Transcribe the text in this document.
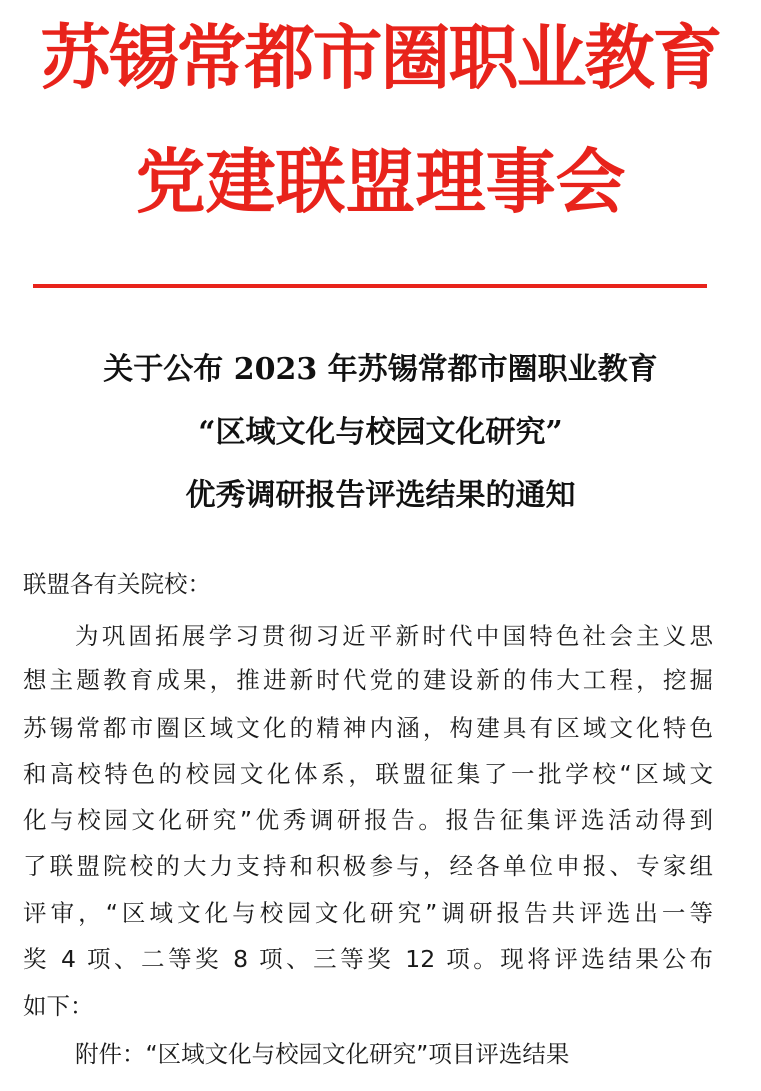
苏锡常都市圈职业教育
党建联盟理事会
关于公布 2023 年苏锡常都市圈职业教育
“区域文化与校园文化研究”
优秀调研报告评选结果的通知
联盟各有关院校：
为巩固拓展学习贯彻习近平新时代中国特色社会主义思
想主题教育成果，推进新时代党的建设新的伟大工程，挖掘
苏锡常都市圈区域文化的精神内涵，构建具有区域文化特色
和高校特色的校园文化体系，联盟征集了一批学校“区域文
化与校园文化研究”优秀调研报告。报告征集评选活动得到
了联盟院校的大力支持和积极参与，经各单位申报、专家组
评审，“区域文化与校园文化研究”调研报告共评选出一等
奖 4 项、二等奖 8 项、三等奖 12 项。现将评选结果公布
如下：
附件：“区域文化与校园文化研究”项目评选结果
